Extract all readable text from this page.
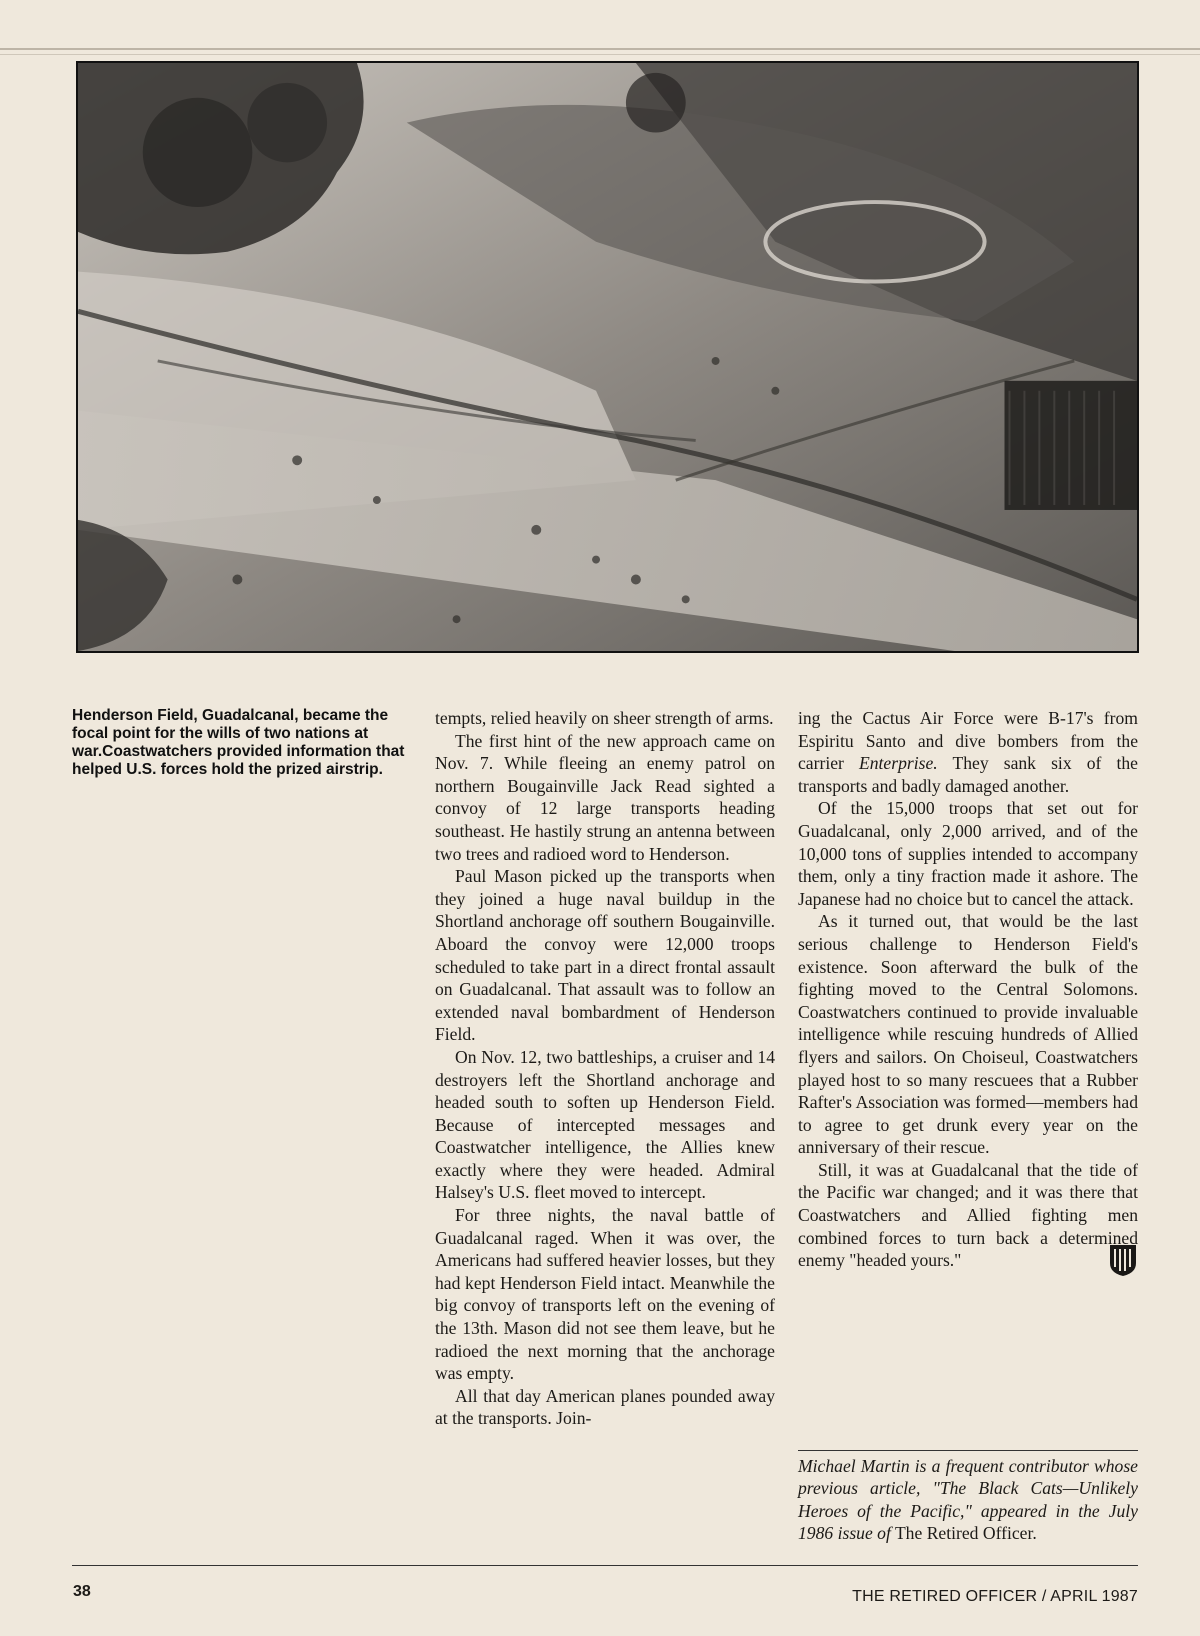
Henderson Field, Guadalcanal, became the focal point for the wills of two nations at war.Coastwatchers provided information that helped U.S. forces hold the prized airstrip.

tempts, relied heavily on sheer strength of arms.

The first hint of the new approach came on Nov. 7. While fleeing an enemy patrol on northern Bougainville Jack Read sighted a convoy of 12 large transports heading southeast. He hastily strung an antenna between two trees and radioed word to Henderson.

Paul Mason picked up the transports when they joined a huge naval buildup in the Shortland anchorage off southern Bougainville. Aboard the convoy were 12,000 troops scheduled to take part in a direct frontal assault on Guadalcanal. That assault was to follow an extended naval bombardment of Henderson Field.

On Nov. 12, two battleships, a cruiser and 14 destroyers left the Shortland anchorage and headed south to soften up Henderson Field. Because of intercepted messages and Coastwatcher intelligence, the Allies knew exactly where they were headed. Admiral Halsey's U.S. fleet moved to intercept.

For three nights, the naval battle of Guadalcanal raged. When it was over, the Americans had suffered heavier losses, but they had kept Henderson Field intact. Meanwhile the big convoy of transports left on the evening of the 13th. Mason did not see them leave, but he radioed the next morning that the anchorage was empty.

All that day American planes pounded away at the transports. Join-

ing the Cactus Air Force were B-17's from Espiritu Santo and dive bombers from the carrier Enterprise. They sank six of the transports and badly damaged another.

Of the 15,000 troops that set out for Guadalcanal, only 2,000 arrived, and of the 10,000 tons of supplies intended to accompany them, only a tiny fraction made it ashore. The Japanese had no choice but to cancel the attack.

As it turned out, that would be the last serious challenge to Henderson Field's existence. Soon afterward the bulk of the fighting moved to the Central Solomons. Coastwatchers continued to provide invaluable intelligence while rescuing hundreds of Allied flyers and sailors. On Choiseul, Coastwatchers played host to so many rescuees that a Rubber Rafter's Association was formed—members had to agree to get drunk every year on the anniversary of their rescue.

Still, it was at Guadalcanal that the tide of the Pacific war changed; and it was there that Coastwatchers and Allied fighting men combined forces to turn back a determined enemy "headed yours."

Michael Martin is a frequent contributor whose previous article, "The Black Cats—Unlikely Heroes of the Pacific," appeared in the July 1986 issue of The Retired Officer.
38	THE RETIRED OFFICER / APRIL 1987
